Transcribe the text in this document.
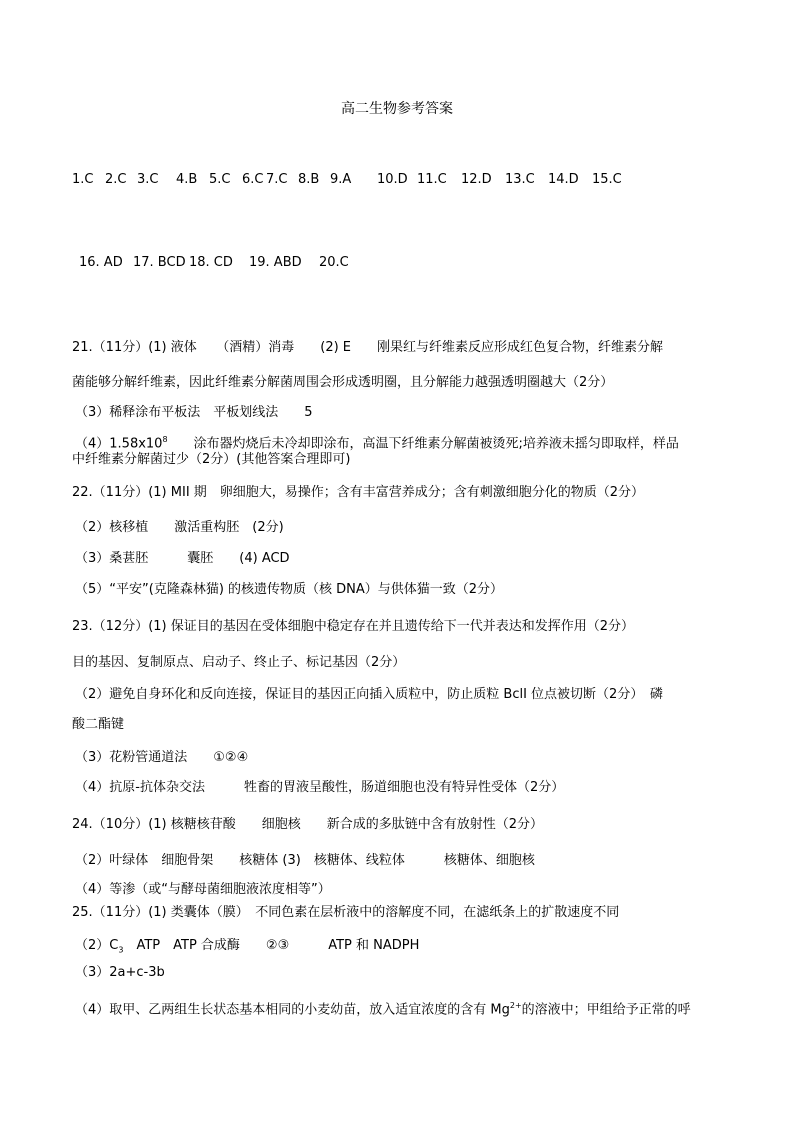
高二生物参考答案
1.C 2.C 3.C 4.B 5.C 6.C 7.C 8.B 9.A 10.D 11.C 12.D 13.C 14.D 15.C
16. AD 17. BCD 18. CD 19. ABD 20.C
21.（11分）(1) 液体　　（酒精）消毒　　(2) E　　刚果红与纤维素反应形成红色复合物，纤维素分解
菌能够分解纤维素，因此纤维素分解菌周围会形成透明圈，且分解能力越强透明圈越大（2分）
（3）稀释涂布平板法　平板划线法　　5
$(4)1.58x10^8$　　涂布器灼烧后未冷却即涂布，高温下纤维素分解菌被烫死;培养液未摇匀即取样，样品
中纤维素分解菌过少（2分）(其他答案合理即可)
22.（11分）(1) MII 期　卵细胞大，易操作；含有丰富营养成分；含有刺激细胞分化的物质（2分）
（2）核移植　　激活重构胚　(2分)
（3）桑葚胚　　　囊胚　　(4) ACD
（5）“平安”(克隆森林猫) 的核遗传物质（核 DNA）与供体猫一致（2分）
23.（12分）(1) 保证目的基因在受体细胞中稳定存在并且遗传给下一代并表达和发挥作用（2分）
目的基因、复制原点、启动子、终止子、标记基因（2分）
（2）避免自身环化和反向连接，保证目的基因正向插入质粒中，防止质粒 BclI 位点被切断（2分）　磷
酸二酯键
（3）花粉管通道法　　①②④
（4）抗原-抗体杂交法　　　牲畜的胃液呈酸性，肠道细胞也没有特异性受体（2分）
24.（10分）(1) 核糖核苷酸　　细胞核　　新合成的多肽链中含有放射性（2分）
（2）叶绿体　细胞骨架　　核糖体 (3)　核糖体、线粒体　　　核糖体、细胞核
（4）等渗（或“与酵母菌细胞液浓度相等”）
25.（11分）(1) 类囊体（膜）　不同色素在层析液中的溶解度不同，在滤纸条上的扩散速度不同
$(2)C_3$　ATP　ATP 合成酶　　②③　　　ATP 和 NADPH
（3）2a+c-3b
（4）取甲、乙两组生长状态基本相同的小麦幼苗，放入适宜浓度的含有 $Mg^{2+}$的溶液中；甲组给予正常的呼
